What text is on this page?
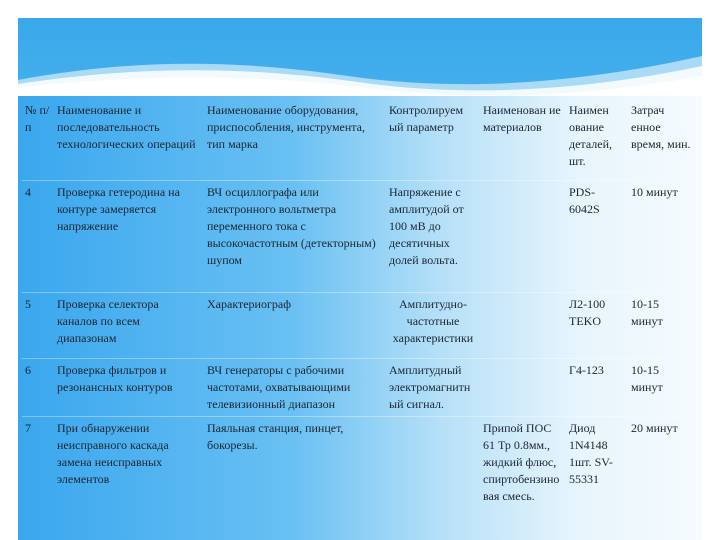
№ п/п	Наименование и последовательность технологических операций	Наименование оборудования, приспособления, инструмента, тип марка	Контролируем ый параметр	Наименован ие материалов	Наимен ование деталей, шт.	Затрач енное время, мин.
4	Проверка гетеродина на контуре замеряется напряжение	ВЧ осциллографа или электронного вольтметра переменного тока с высокочастотным (детекторным) шупом	Напряжение с амплитудой от 100 мВ до десятичных долей вольта.		PDS-6042S	10 минут
5	Проверка селектора каналов по всем диапазонам	Характериограф	Амплитудно-частотные характеристики		Л2-100 TEKO	10-15 минут
6	Проверка фильтров и резонансных контуров	ВЧ генераторы с рабочими частотами, охватывающими телевизионный диапазон	Амплитудный электромагнитн ый сигнал.		Г4-123	10-15 минут
7	При обнаружении неисправного каскада замена неисправных элементов	Паяльная станция, пинцет, бокорезы.		Припой ПОС 61 Тр 0.8мм., жидкий флюс, спиртобензино вая смесь.	Диод 1N4148 1шт. SV-55331	20 минут
